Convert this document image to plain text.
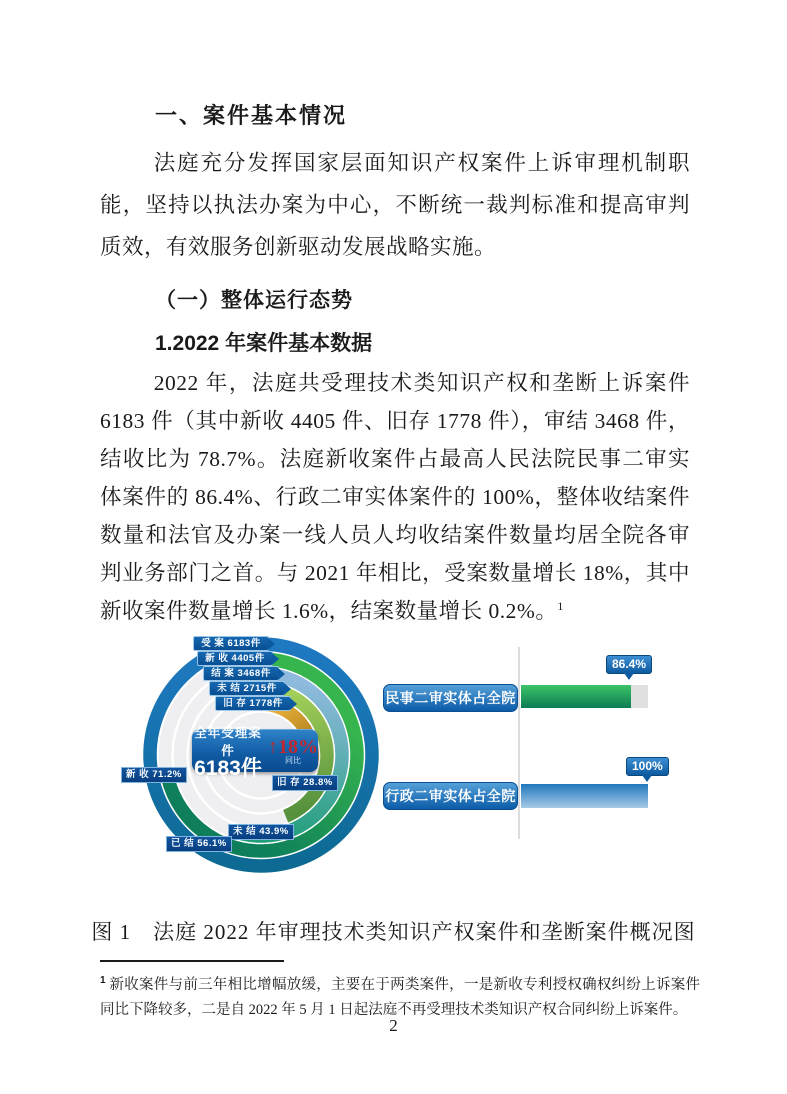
一、案件基本情况
法庭充分发挥国家层面知识产权案件上诉审理机制职能，坚持以执法办案为中心，不断统一裁判标准和提高审判质效，有效服务创新驱动发展战略实施。
（一）整体运行态势
1.2022 年案件基本数据
2022 年，法庭共受理技术类知识产权和垄断上诉案件 6183 件（其中新收 4405 件、旧存 1778 件），审结 3468 件，结收比为 78.7%。法庭新收案件占最高人民法院民事二审实体案件的 86.4%、行政二审实体案件的 100%，整体收结案件数量和法官及办案一线人员人均收结案件数量均居全院各审判业务部门之首。与 2021 年相比，受案数量增长 18%，其中新收案件数量增长 1.6%，结案数量增长 0.2%。$^1$
受 案 6183件
新 收 4405件
结 案 3468件
未 结 2715件
旧 存 1778件
全年受理案件
6183件
↑18%
同比
新 收 71.2%
旧 存 28.8%
未 结 43.9%
已 结 56.1%
民事二审实体占全院
86.4%
行政二审实体占全院
100%
图 1　法庭 2022 年审理技术类知识产权案件和垄断案件概况图
$^1$ 新收案件与前三年相比增幅放缓，主要在于两类案件，一是新收专利授权确权纠纷上诉案件同比下降较多，二是自 2022 年 5 月 1 日起法庭不再受理技术类知识产权合同纠纷上诉案件。
2
